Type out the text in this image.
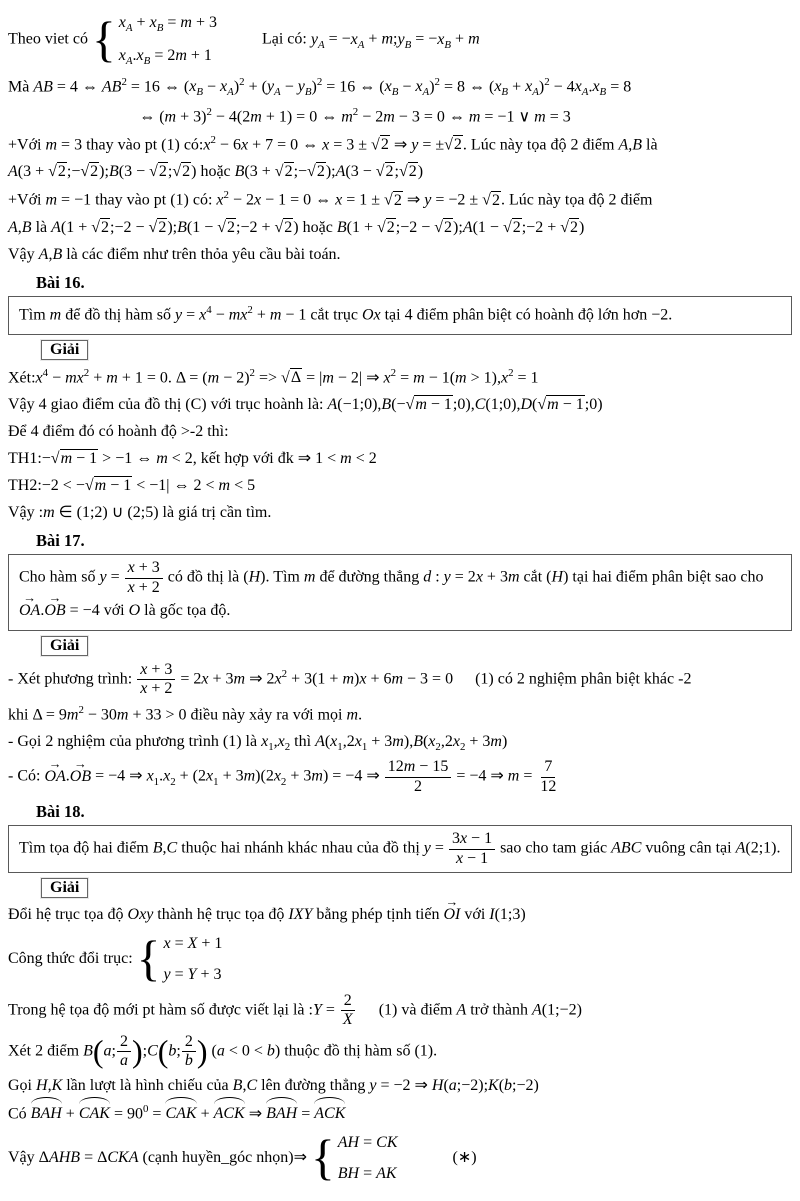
Theo viet có { $x_A + x_B = m + 3$
$x_A.x_B = 2m + 1$
Lại có: $y_A = -x_A$ + $m;y_B = -x_B + m$
Mà AB = 4 ⇔ $AB^2 = 16$ ⇔ $(x_B - x_A)^2 + (y_A - y_B)^2 = 16$ ⇔ $(x_B - x_A)^2 = 8$ ⇔ $(x_B + x_A)^2 - 4x_A.x_B = 8$
⇔ $(m + 3)^2 - 4(2m + 1) = 0$ ⇔ $m^2 - 2m - 3 = 0$ ⇔ m = −1 ∨ m = 3
+Với m = 3 thay vào pt (1) $có:x^2 - 6x + 7 = 0$ ⇔ x = 3 ± √2 ⇒ y = ±√2. Lúc này tọa độ 2 điểm A,B là
A(3 + √2;−√2);B(3 − √2;√2) hoặc B(3 + √2;−√2);A(3 − √2;√2)
+Với m = −1 thay vào pt (1) có: $x^2 - 2x - 1 = 0$ ⇔ x = 1 ± √2 ⇒ y = −2 ± √2. Lúc này tọa độ 2 điểm
A,B là A(1 + √2;−2 − √2);B(1 − √2;−2 + √2) hoặc B(1 + √2;−2 − √2);A(1 − √2;−2 + √2)
Vậy A,B là các điểm như trên thỏa yêu cầu bài toán.
Bài 16.
Tìm m để đồ thị hàm số $y = x^4 - mx^2 + m - 1$ cắt trục Ox tại 4 điểm phân biệt có hoành độ lớn hơn −2.
Giải
$Xét:x^4 - mx^2 + m + 1 = 0$. $\Delta = (m - 2)^2 => √\Delta = |m - 2|$ ⇒ $x^2 = m - 1(m > 1),x^2 = 1$
Vậy 4 giao điểm của đồ thị (C) với trục hoành là: A(−1;0),B(−√m − 1;0),C(1;0),D(√m − 1;0)
Để 4 điểm đó có hoành độ >-2 thì:
TH1:−√m − 1 > −1 ⇔ m < 2, kết hợp với đk ⇒ 1 < m < 2
TH2:−2 < −√m − 1 < −1| ⇔ 2 < m < 5
Vậy :m ∈ (1;2) ∪ (2;5) là giá trị cần tìm.
Bài 17.
Cho hàm số $y = \frac{x + 3}{x + 2}$ có đồ thị là (H). Tìm m để đường thẳng d : y = 2x + 3m cắt (H) tại hai điểm phân biệt sao cho
→
OA.
→
OB = −4 với O là gốc tọa độ.
Giải
- Xét phương trình: $\frac{x + 3}{x + 2} = 2x + 3m$ ⇒ $2x^2 + 3(1 + m)x + 6m - 3 = 0$ (1) có 2 nghiệm phân biệt khác -2
khi $\Delta = 9m^2 - 30m + 33 > 0$ điều này xảy ra với mọi m.
- Gọi 2 nghiệm của phương trình (1) là $x_1,x_2$ thì $A(x_1,2x_1 + 3m),B(x_2,2x_2 + 3m)$
- Có:
→
OA.
→
OB = −4 ⇒ $x_1.x_2 + (2x_1 + 3m)(2x_2 + 3m) = -4$ ⇒ $\frac{12m - 15}{2} = -4$ ⇒ $m = \frac{7}{12}$
Bài 18.
Tìm tọa độ hai điểm B,C thuộc hai nhánh khác nhau của đồ thị $y = \frac{3x - 1}{x - 1}$ sao cho tam giác ABC vuông cân tại A(2;1).
Giải
Đổi hệ trục tọa độ Oxy thành hệ trục tọa độ IXY bằng phép tịnh tiến
→
OI với I(1;3)
Công thức đổi trục: { x = X + 1
y = Y + 3
Trong hệ tọa độ mới pt hàm số được viết lại là :Y = $\frac{2}{X} (1)$ và điểm A trở thành A(1;−2)
Xét 2 điểm B(a; $\frac{2}{a}$ );C(b; $\frac{2}{b}$ ) (a < 0 < b) thuộc đồ thị hàm số (1).
Gọi H,K lần lượt là hình chiếu của B,C lên đường thẳng y = −2 ⇒ H(a;−2);K(b;−2)
Có
BAH +
CAK = $90^0$ =
CAK +
ACK ⇒
BAH =
ACK
Vậy ΔAHB = ΔCKA (cạnh huyền_góc nhọn)⇒ { AH = CK
BH = AK
(∗)
